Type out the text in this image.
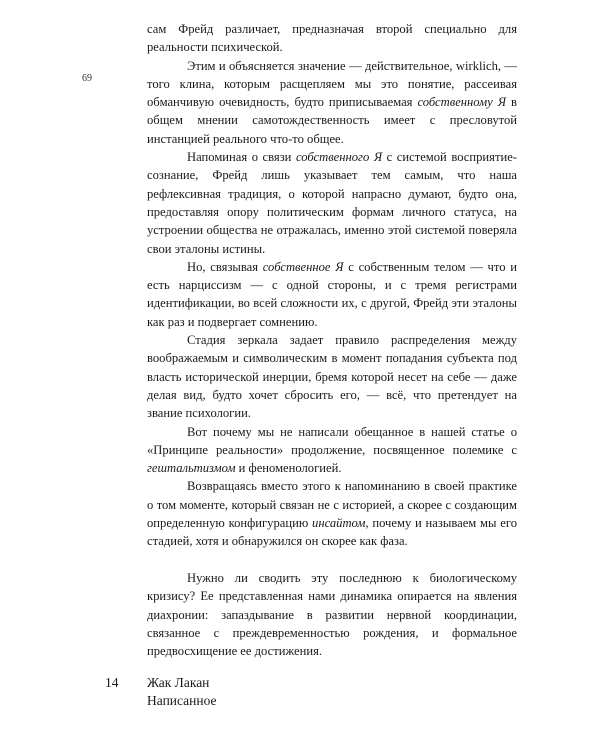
69

сам Фрейд различает, предназначая второй специально для реальности психической.

Этим и объясняется значение — действительное, wirklich, — того клина, которым расщепляем мы это понятие, рассеивая обманчивую очевидность, будто приписываемая собственному Я в общем мнении самотождественность имеет с пресловутой инстанцией реального что-то общее.

Напоминая о связи собственного Я с системой восприятие-сознание, Фрейд лишь указывает тем самым, что наша рефлексивная традиция, о которой напрасно думают, будто она, предоставляя опору политическим формам личного статуса, на устроении общества не отражалась, именно этой системой поверяла свои эталоны истины.

Но, связывая собственное Я с собственным телом — что и есть нарциссизм — с одной стороны, и с тремя регистрами идентификации, во всей сложности их, с другой, Фрейд эти эталоны как раз и подвергает сомнению.

Стадия зеркала задает правило распределения между воображаемым и символическим в момент попадания субъекта под власть исторической инерции, бремя которой несет на себе — даже делая вид, будто хочет сбросить его, — всё, что претендует на звание психологии.

Вот почему мы не написали обещанное в нашей статье о «Принципе реальности» продолжение, посвященное полемике с гештальтизмом и феноменологией.

Возвращаясь вместо этого к напоминанию в своей практике о том моменте, который связан не с историей, а скорее с создающим определенную конфигурацию инсайтом, почему и называем мы его стадией, хотя и обнаружился он скорее как фаза.

Нужно ли сводить эту последнюю к биологическому кризису? Ее представленная нами динамика опирается на явления диахронии: запаздывание в развитии нервной координации, связанное с преждевременностью рождения, и формальное предвосхищение ее достижения.

14 Жак Лакан
Написанное
